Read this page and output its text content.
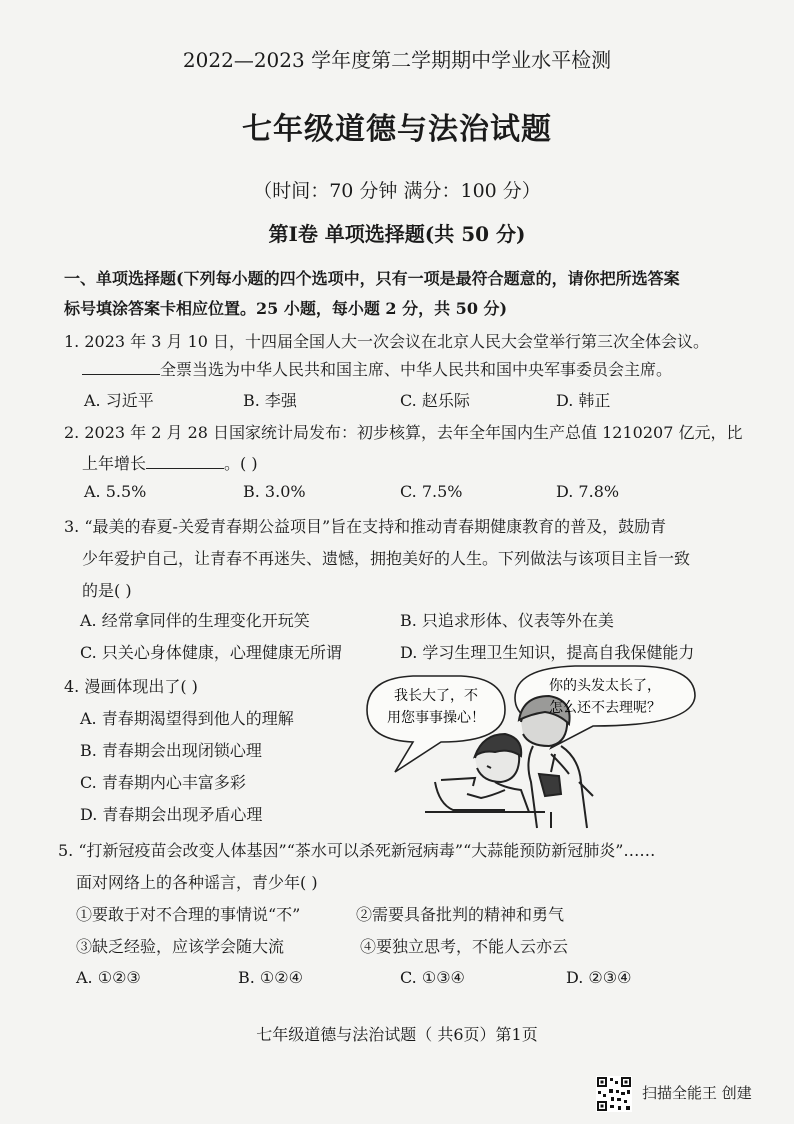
2022—2023 学年度第二学期期中学业水平检测
七年级道德与法治试题
（时间：70 分钟 满分：100 分）
第Ⅰ卷 单项选择题(共 50 分)
一、单项选择题(下列每小题的四个选项中，只有一项是最符合题意的，请你把所选答案
标号填涂答案卡相应位置。25 小题，每小题 2 分，共 50 分)
1. 2023 年 3 月 10 日，十四届全国人大一次会议在北京人民大会堂举行第三次全体会议。
全票当选为中华人民共和国主席、中华人民共和国中央军事委员会主席。
A. 习近平	B. 李强	C. 赵乐际	D. 韩正
2. 2023 年 2 月 28 日国家统计局发布：初步核算，去年全年国内生产总值 1210207 亿元，比
上年增长	。( )
A. 5.5%	B. 3.0%	C. 7.5%	D. 7.8%
3. “最美的春夏-关爱青春期公益项目”旨在支持和推动青春期健康教育的普及，鼓励青
少年爱护自己，让青春不再迷失、遗憾，拥抱美好的人生。下列做法与该项目主旨一致
的是( )
A. 经常拿同伴的生理变化开玩笑	B. 只追求形体、仪表等外在美
C. 只关心身体健康，心理健康无所谓	D. 学习生理卫生知识，提高自我保健能力
4. 漫画体现出了( )
A. 青春期渴望得到他人的理解
B. 青春期会出现闭锁心理
C. 青春期内心丰富多彩
D. 青春期会出现矛盾心理
我长大了，不
用您事事操心！
你的头发太长了，
怎么还不去理呢？
5. “打新冠疫苗会改变人体基因”“茶水可以杀死新冠病毒”“大蒜能预防新冠肺炎”……
面对网络上的各种谣言，青少年( )
①要敢于对不合理的事情说“不”	②需要具备批判的精神和勇气
③缺乏经验，应该学会随大流	④要独立思考，不能人云亦云
A. ①②③	B. ①②④	C. ①③④	D. ②③④
七年级道德与法治试题（ 共6页）第1页
扫描全能王 创建
